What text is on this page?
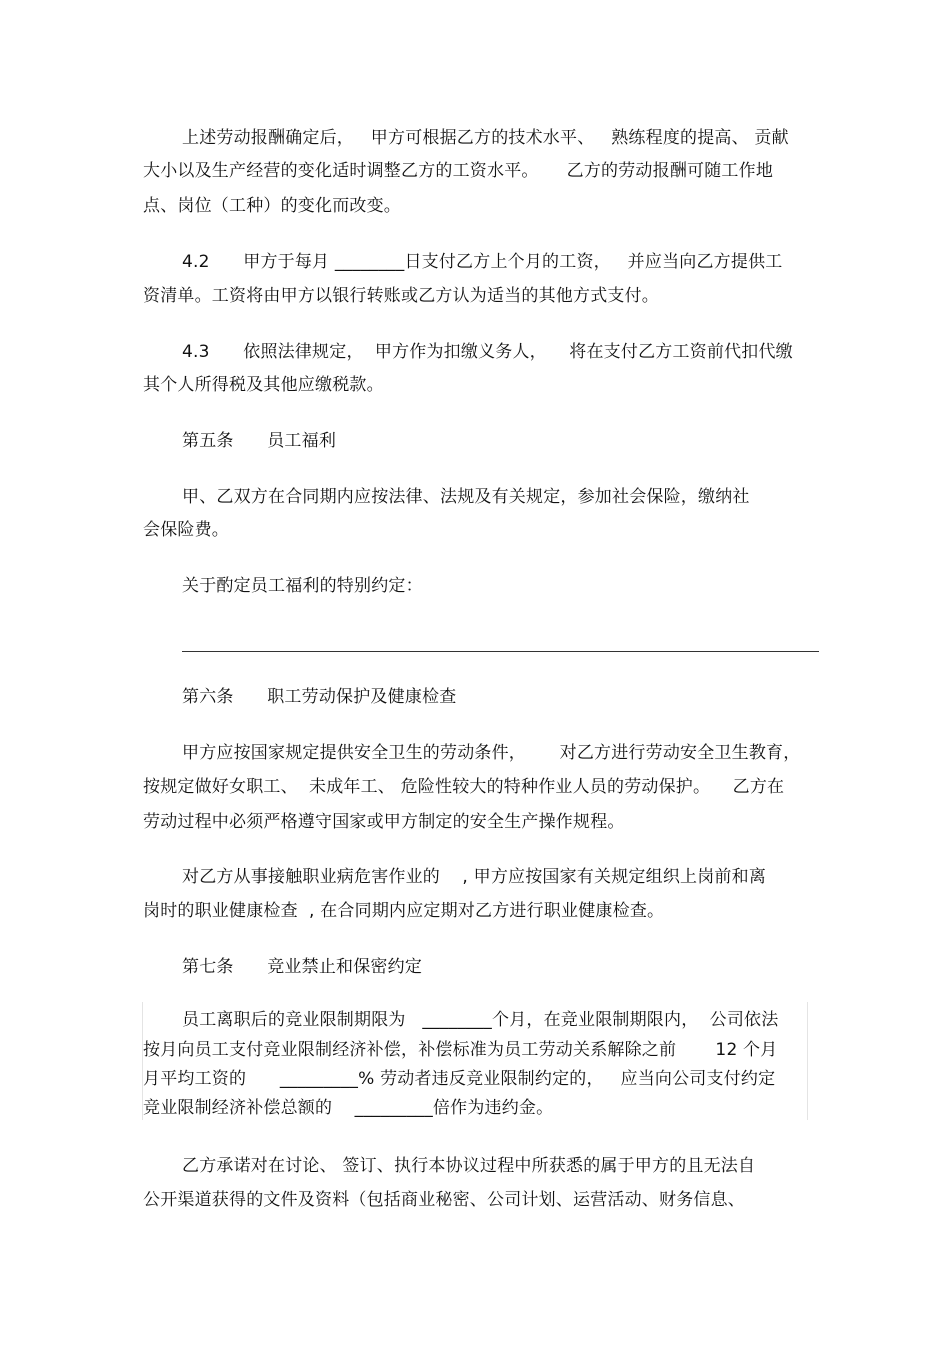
上述劳动报酬确定后，   甲方可根据乙方的技术水平、   熟练程度的提高、 贡献
大小以及生产经营的变化适时调整乙方的工资水平。     乙方的劳动报酬可随工作地
点、岗位（工种）的变化而改变。
4.2      甲方于每月 ________日支付乙方上个月的工资，   并应当向乙方提供工
资清单。工资将由甲方以银行转账或乙方认为适当的其他方式支付。
4.3      依照法律规定，  甲方作为扣缴义务人，    将在支付乙方工资前代扣代缴
其个人所得税及其他应缴税款。
第五条      员工福利
甲、乙双方在合同期内应按法律、法规及有关规定，参加社会保险，缴纳社
会保险费。
关于酌定员工福利的特别约定：
第六条      职工劳动保护及健康检查
甲方应按国家规定提供安全卫生的劳动条件，      对乙方进行劳动安全卫生教育，
按规定做好女职工、  未成年工、 危险性较大的特种作业人员的劳动保护。    乙方在
劳动过程中必须严格遵守国家或甲方制定的安全生产操作规程。
对乙方从事接触职业病危害作业的    , 甲方应按国家有关规定组织上岗前和离
岗时的职业健康检查  , 在合同期内应定期对乙方进行职业健康检查。
第七条      竞业禁止和保密约定
员工离职后的竞业限制期限为   ________个月，在竞业限制期限内，  公司依法
按月向员工支付竞业限制经济补偿，补偿标准为员工劳动关系解除之前       12 个月
月平均工资的      _________% 劳动者违反竞业限制约定的，   应当向公司支付约定
竞业限制经济补偿总额的    _________倍作为违约金。
乙方承诺对在讨论、 签订、执行本协议过程中所获悉的属于甲方的且无法自
公开渠道获得的文件及资料（包括商业秘密、公司计划、运营活动、财务信息、
